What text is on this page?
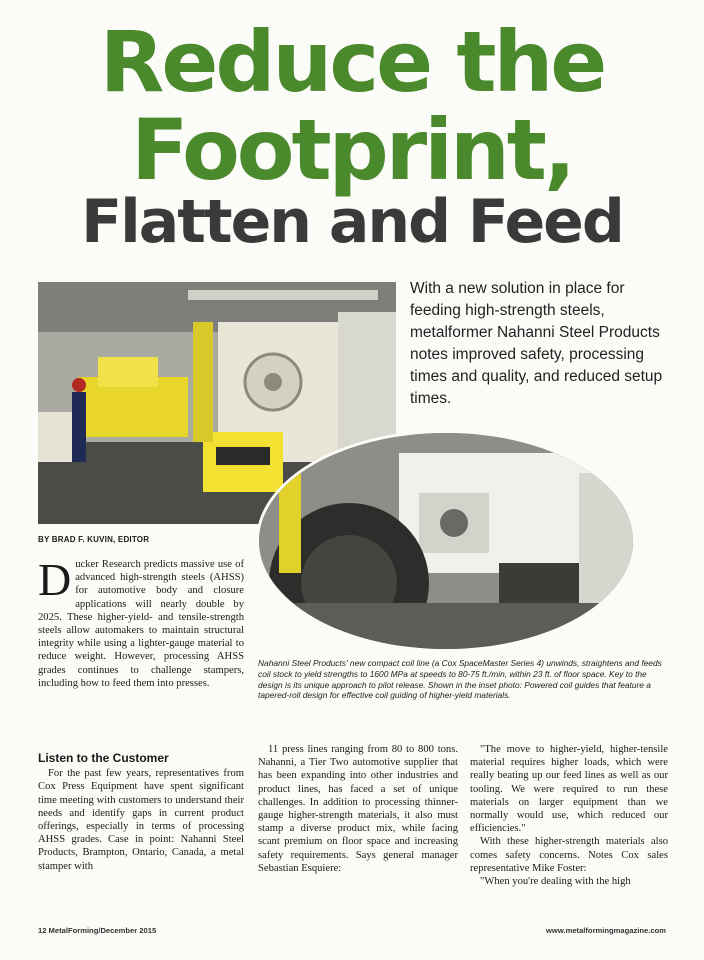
Reduce the
Footprint,
Flatten and Feed
With a new solution in place for feeding high-strength steels, metalformer Nahanni Steel Products notes improved safety, processing times and quality, and reduced setup times.
BY BRAD F. KUVIN, EDITOR

Ducker Research predicts massive use of advanced high-strength steels (AHSS) for automotive body and closure applications will nearly double by 2025. These higher-yield- and tensile-strength steels allow automakers to maintain structural integrity while using a lighter-gauge material to reduce weight. However, processing AHSS grades continues to challenge stampers, including how to feed them into presses.

Nahanni Steel Products' new compact coil line (a Cox SpaceMaster Series 4) unwinds, straightens and feeds coil stock to yield strengths to 1600 MPa at speeds to 80-75 ft./min, within 23 ft. of floor space. Key to the design is its unique approach to pilot release. Shown in the inset photo: Powered coil guides that feature a tapered-roll design for effective coil guiding of higher-yield materials.
Listen to the Customer

For the past few years, representatives from Cox Press Equipment have spent significant time meeting with customers to understand their needs and identify gaps in current product offerings, especially in terms of processing AHSS grades. Case in point: Nahanni Steel Products, Brampton, Ontario, Canada, a metal stamper with

11 press lines ranging from 80 to 800 tons. Nahanni, a Tier Two automotive supplier that has been expanding into other industries and product lines, has faced a set of unique challenges. In addition to processing thinner-gauge higher-strength materials, it also must stamp a diverse product mix, while facing scant premium on floor space and increasing safety requirements. Says general manager Sebastian Esquiere:

"The move to higher-yield, higher-tensile material requires higher loads, which were really beating up our feed lines as well as our tooling. We were required to run these materials on larger equipment than we normally would use, which reduced our efficiencies."

With these higher-strength materials also comes safety concerns. Notes Cox sales representative Mike Foster:

"When you're dealing with the high

12 MetalForming/December 2015	www.metalformingmagazine.com
